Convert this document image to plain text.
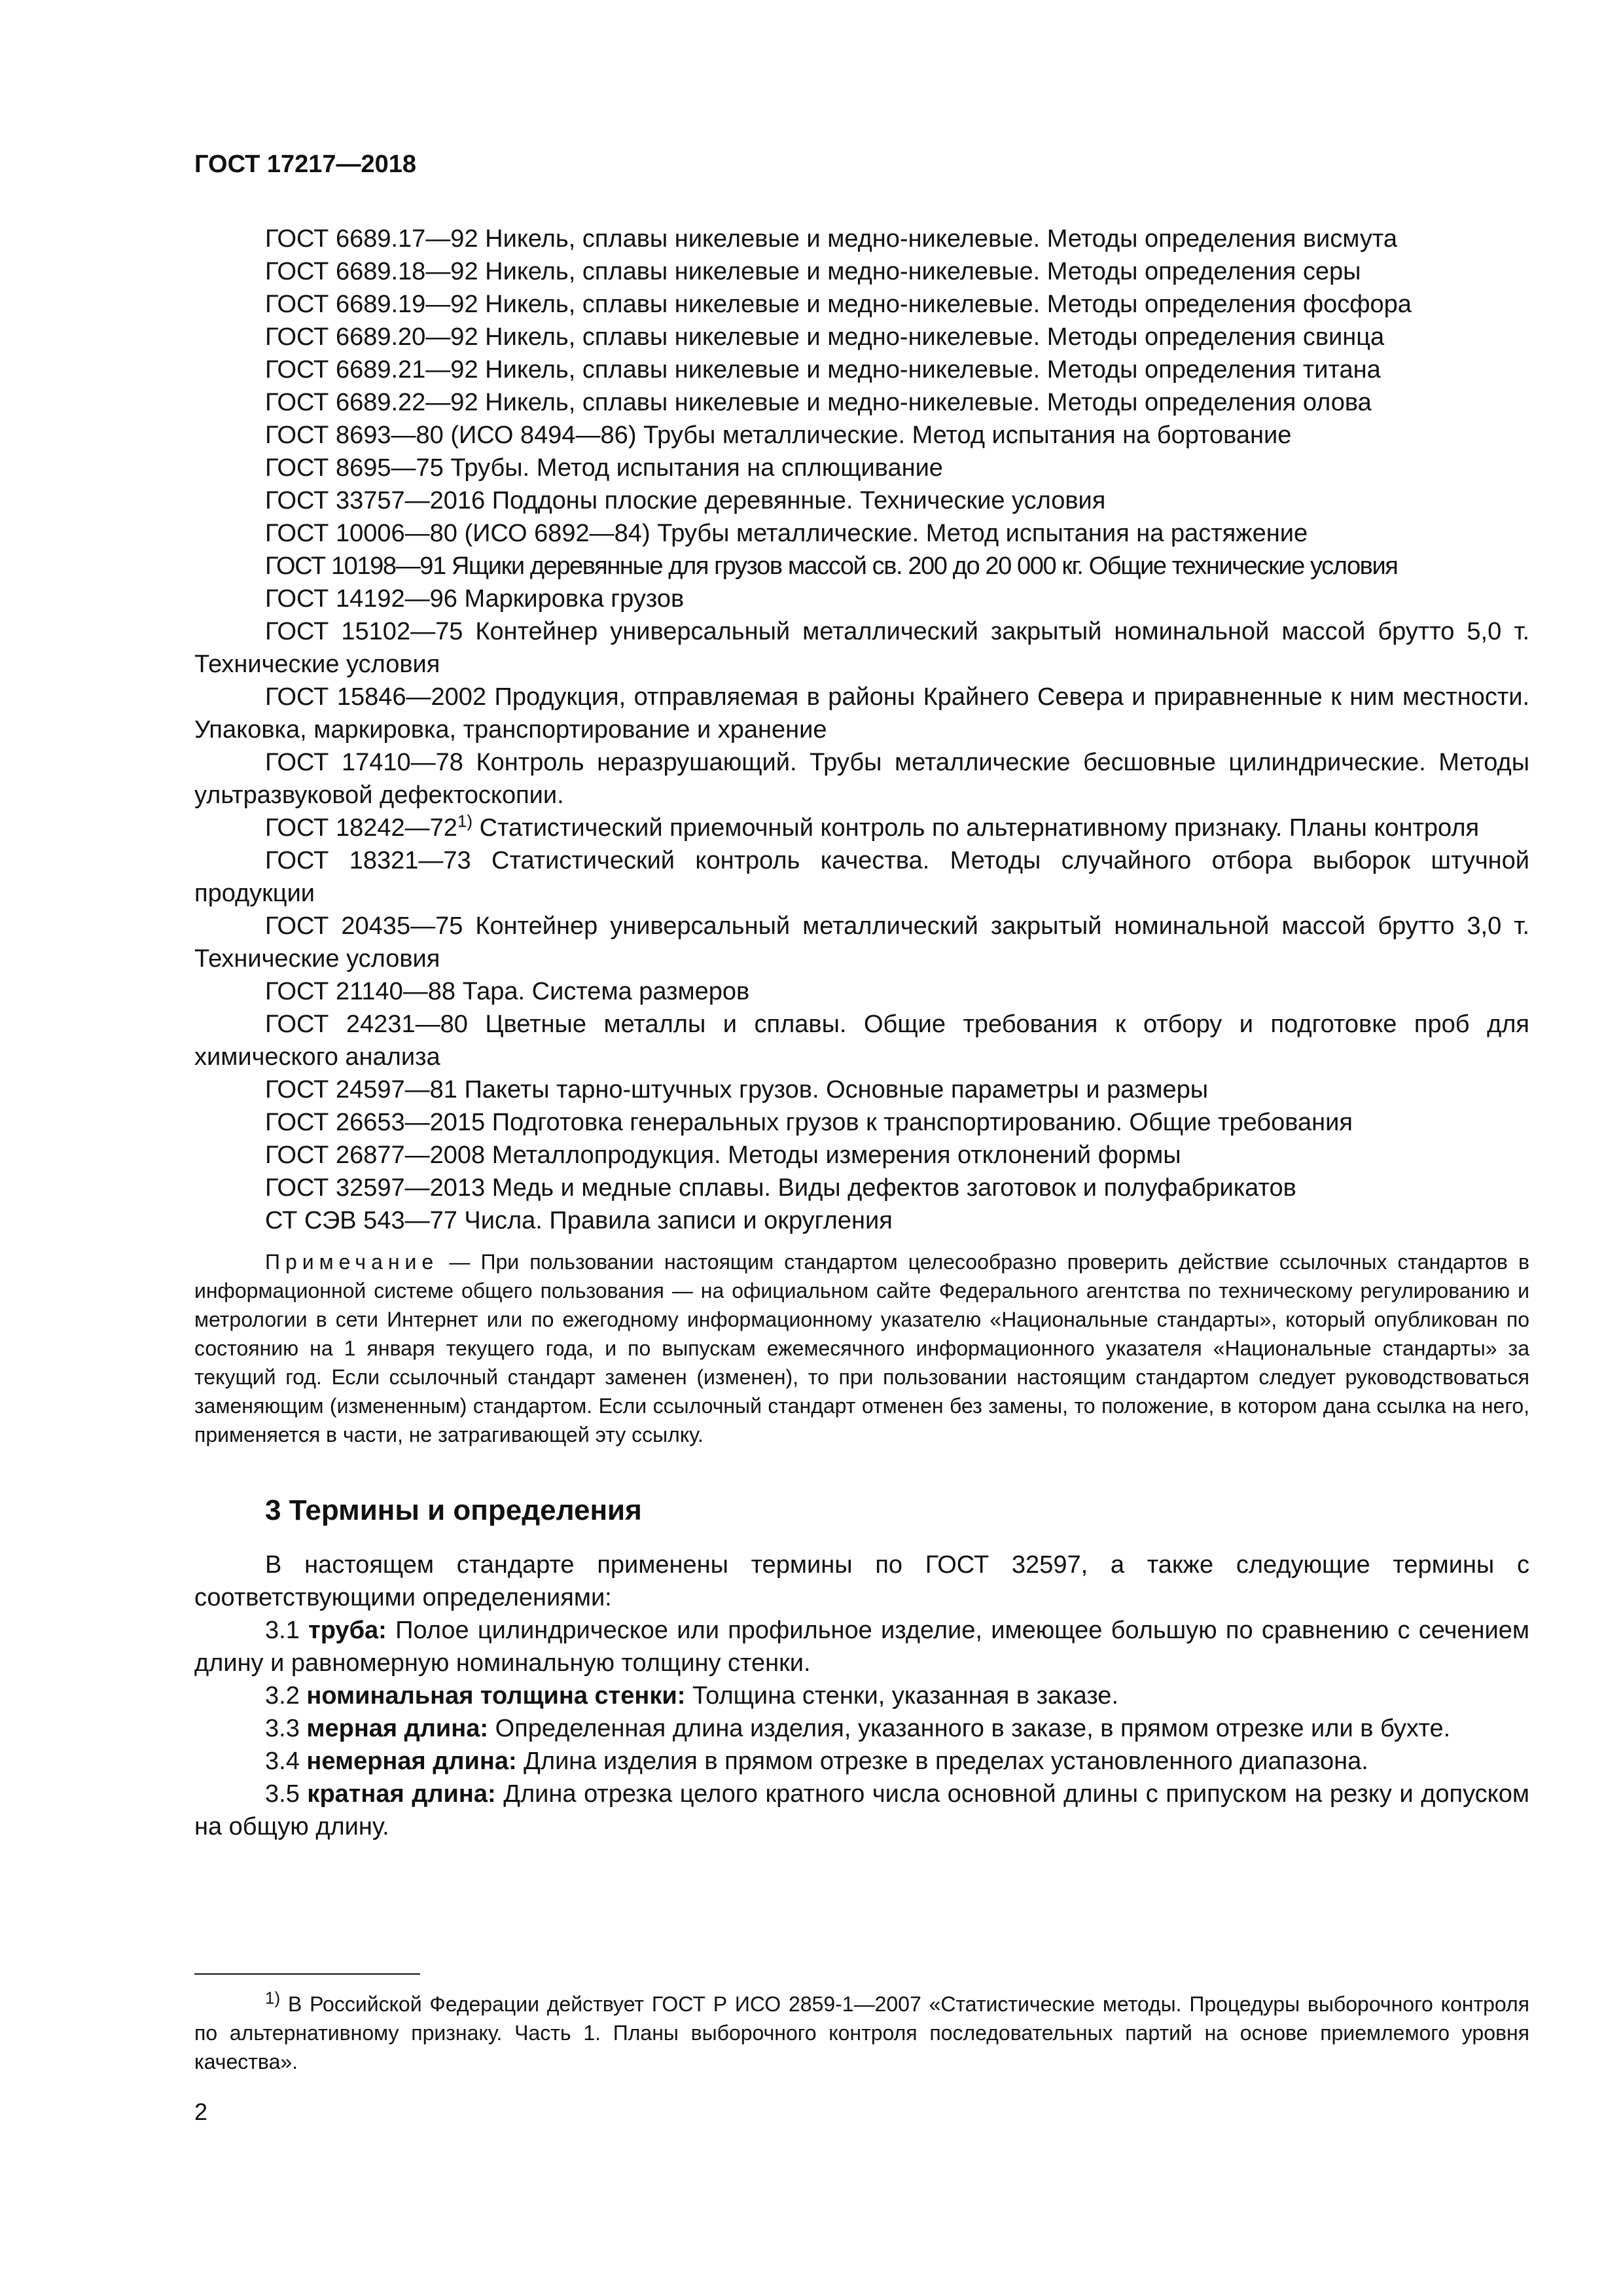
ГОСТ 17217—2018

ГОСТ 6689.17—92 Никель, сплавы никелевые и медно-никелевые. Методы определения висмута

ГОСТ 6689.18—92 Никель, сплавы никелевые и медно-никелевые. Методы определения серы

ГОСТ 6689.19—92 Никель, сплавы никелевые и медно-никелевые. Методы определения фосфора

ГОСТ 6689.20—92 Никель, сплавы никелевые и медно-никелевые. Методы определения свинца

ГОСТ 6689.21—92 Никель, сплавы никелевые и медно-никелевые. Методы определения титана

ГОСТ 6689.22—92 Никель, сплавы никелевые и медно-никелевые. Методы определения олова

ГОСТ 8693—80 (ИСО 8494—86) Трубы металлические. Метод испытания на бортование

ГОСТ 8695—75 Трубы. Метод испытания на сплющивание

ГОСТ 33757—2016 Поддоны плоские деревянные. Технические условия

ГОСТ 10006—80 (ИСО 6892—84) Трубы металлические. Метод испытания на растяжение

ГОСТ 10198—91 Ящики деревянные для грузов массой св. 200 до 20 000 кг. Общие технические условия

ГОСТ 14192—96 Маркировка грузов

ГОСТ 15102—75 Контейнер универсальный металлический закрытый номинальной массой брутто 5,0 т. Технические условия

ГОСТ 15846—2002 Продукция, отправляемая в районы Крайнего Севера и приравненные к ним местности. Упаковка, маркировка, транспортирование и хранение

ГОСТ 17410—78 Контроль неразрушающий. Трубы металлические бесшовные цилиндрические. Методы ультразвуковой дефектоскопии.

ГОСТ 18242—72$^{1)}$ Статистический приемочный контроль по альтернативному признаку. Планы контроля

ГОСТ 18321—73 Статистический контроль качества. Методы случайного отбора выборок штучной продукции

ГОСТ 20435—75 Контейнер универсальный металлический закрытый номинальной массой брутто 3,0 т. Технические условия

ГОСТ 21140—88 Тара. Система размеров

ГОСТ 24231—80 Цветные металлы и сплавы. Общие требования к отбору и подготовке проб для химического анализа

ГОСТ 24597—81 Пакеты тарно-штучных грузов. Основные параметры и размеры

ГОСТ 26653—2015 Подготовка генеральных грузов к транспортированию. Общие требования

ГОСТ 26877—2008 Металлопродукция. Методы измерения отклонений формы

ГОСТ 32597—2013 Медь и медные сплавы. Виды дефектов заготовок и полуфабрикатов

СТ СЭВ 543—77 Числа. Правила записи и округления

Примечание — При пользовании настоящим стандартом целесообразно проверить действие ссылочных стандартов в информационной системе общего пользования — на официальном сайте Федерального агентства по техническому регулированию и метрологии в сети Интернет или по ежегодному информационному указателю «Национальные стандарты», который опубликован по состоянию на 1 января текущего года, и по выпускам ежемесячного информационного указателя «Национальные стандарты» за текущий год. Если ссылочный стандарт заменен (изменен), то при пользовании настоящим стандартом следует руководствоваться заменяющим (измененным) стандартом. Если ссылочный стандарт отменен без замены, то положение, в котором дана ссылка на него, применяется в части, не затрагивающей эту ссылку.

3 Термины и определения

В настоящем стандарте применены термины по ГОСТ 32597, а также следующие термины с соответствующими определениями:

3.1 труба: Полое цилиндрическое или профильное изделие, имеющее большую по сравнению с сечением длину и равномерную номинальную толщину стенки.

3.2 номинальная толщина стенки: Толщина стенки, указанная в заказе.

3.3 мерная длина: Определенная длина изделия, указанного в заказе, в прямом отрезке или в бухте.

3.4 немерная длина: Длина изделия в прямом отрезке в пределах установленного диапазона.

3.5 кратная длина: Длина отрезка целого кратного числа основной длины с припуском на резку и допуском на общую длину.

$^{1)}$ В Российской Федерации действует ГОСТ Р ИСО 2859-1—2007 «Статистические методы. Процедуры выборочного контроля по альтернативному признаку. Часть 1. Планы выборочного контроля последовательных партий на основе приемлемого уровня качества».

2
